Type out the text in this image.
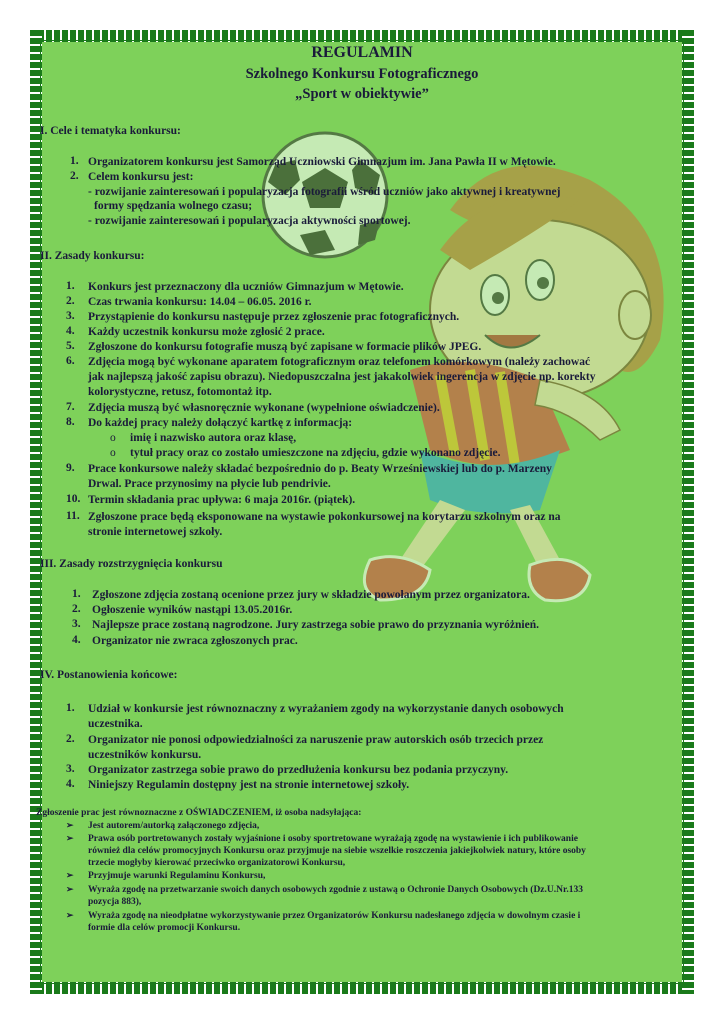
REGULAMIN
Szkolnego Konkursu Fotograficznego
„Sport w obiektywie”
I. Cele i tematyka konkursu:
1. Organizatorem konkursu jest Samorząd Uczniowski Gimnazjum im. Jana Pawła II w Mętowie.
2. Celem konkursu jest:
- rozwijanie zainteresowań i popularyzacja fotografii wśród uczniów jako aktywnej i kreatywnej
formy spędzania wolnego czasu;
- rozwijanie zainteresowań i popularyzacja aktywności sportowej.
II. Zasady konkursu:
1. Konkurs jest przeznaczony dla uczniów Gimnazjum w Mętowie.
2. Czas trwania konkursu: 14.04 – 06.05. 2016 r.
3. Przystąpienie do konkursu następuje przez zgłoszenie prac fotograficznych.
4. Każdy uczestnik konkursu może zgłosić 2 prace.
5. Zgłoszone do konkursu fotografie muszą być zapisane w formacie plików JPEG.
6. Zdjęcia mogą być wykonane aparatem fotograficznym oraz telefonem komórkowym (należy zachować
jak najlepszą jakość zapisu obrazu). Niedopuszczalna jest jakakolwiek ingerencja w zdjęcie np. korekty
kolorystyczne, retusz, fotomontaż itp.
7. Zdjęcia muszą być własnoręcznie wykonane (wypełnione oświadczenie).
8. Do każdej pracy należy dołączyć kartkę z informacją:
o imię i nazwisko autora oraz klasę,
o tytuł pracy oraz co zostało umieszczone na zdjęciu, gdzie wykonano zdjęcie.
9. Prace konkursowe należy składać bezpośrednio do p. Beaty Wrześniewskiej lub do p. Marzeny
Drwal. Prace przynosimy na płycie lub pendrivie.
10. Termin składania prac upływa: 6 maja 2016r. (piątek).
11. Zgłoszone prace będą eksponowane na wystawie pokonkursowej na korytarzu szkolnym oraz na
stronie internetowej szkoły.
III. Zasady rozstrzygnięcia konkursu
1. Zgłoszone zdjęcia zostaną ocenione przez jury w składzie powołanym przez organizatora.
2. Ogłoszenie wyników nastąpi 13.05.2016r.
3. Najlepsze prace zostaną nagrodzone. Jury zastrzega sobie prawo do przyznania wyróżnień.
4. Organizator nie zwraca zgłoszonych prac.
IV. Postanowienia końcowe:
1. Udział w konkursie jest równoznaczny z wyrażaniem zgody na wykorzystanie danych osobowych
uczestnika.
2. Organizator nie ponosi odpowiedzialności za naruszenie praw autorskich osób trzecich przez
uczestników konkursu.
3. Organizator zastrzega sobie prawo do przedłużenia konkursu bez podania przyczyny.
4. Niniejszy Regulamin dostępny jest na stronie internetowej szkoły.
Zgłoszenie prac jest równoznaczne z OŚWIADCZENIEM, iż osoba nadsyłająca:
➢ Jest autorem/autorką załączonego zdjęcia,
➢ Prawa osób portretowanych zostały wyjaśnione i osoby sportretowane wyrażają zgodę na wystawienie i ich publikowanie
również dla celów promocyjnych Konkursu oraz przyjmuje na siebie wszelkie roszczenia jakiejkolwiek natury, które osoby
trzecie mogłyby kierować przeciwko organizatorowi Konkursu,
➢ Przyjmuje warunki Regulaminu Konkursu,
➢ Wyraża zgodę na przetwarzanie swoich danych osobowych zgodnie z ustawą o Ochronie Danych Osobowych (Dz.U.Nr.133
pozycja 883),
➢ Wyraża zgodę na nieodpłatne wykorzystywanie przez Organizatorów Konkursu nadesłanego zdjęcia w dowolnym czasie i
formie dla celów promocji Konkursu.
